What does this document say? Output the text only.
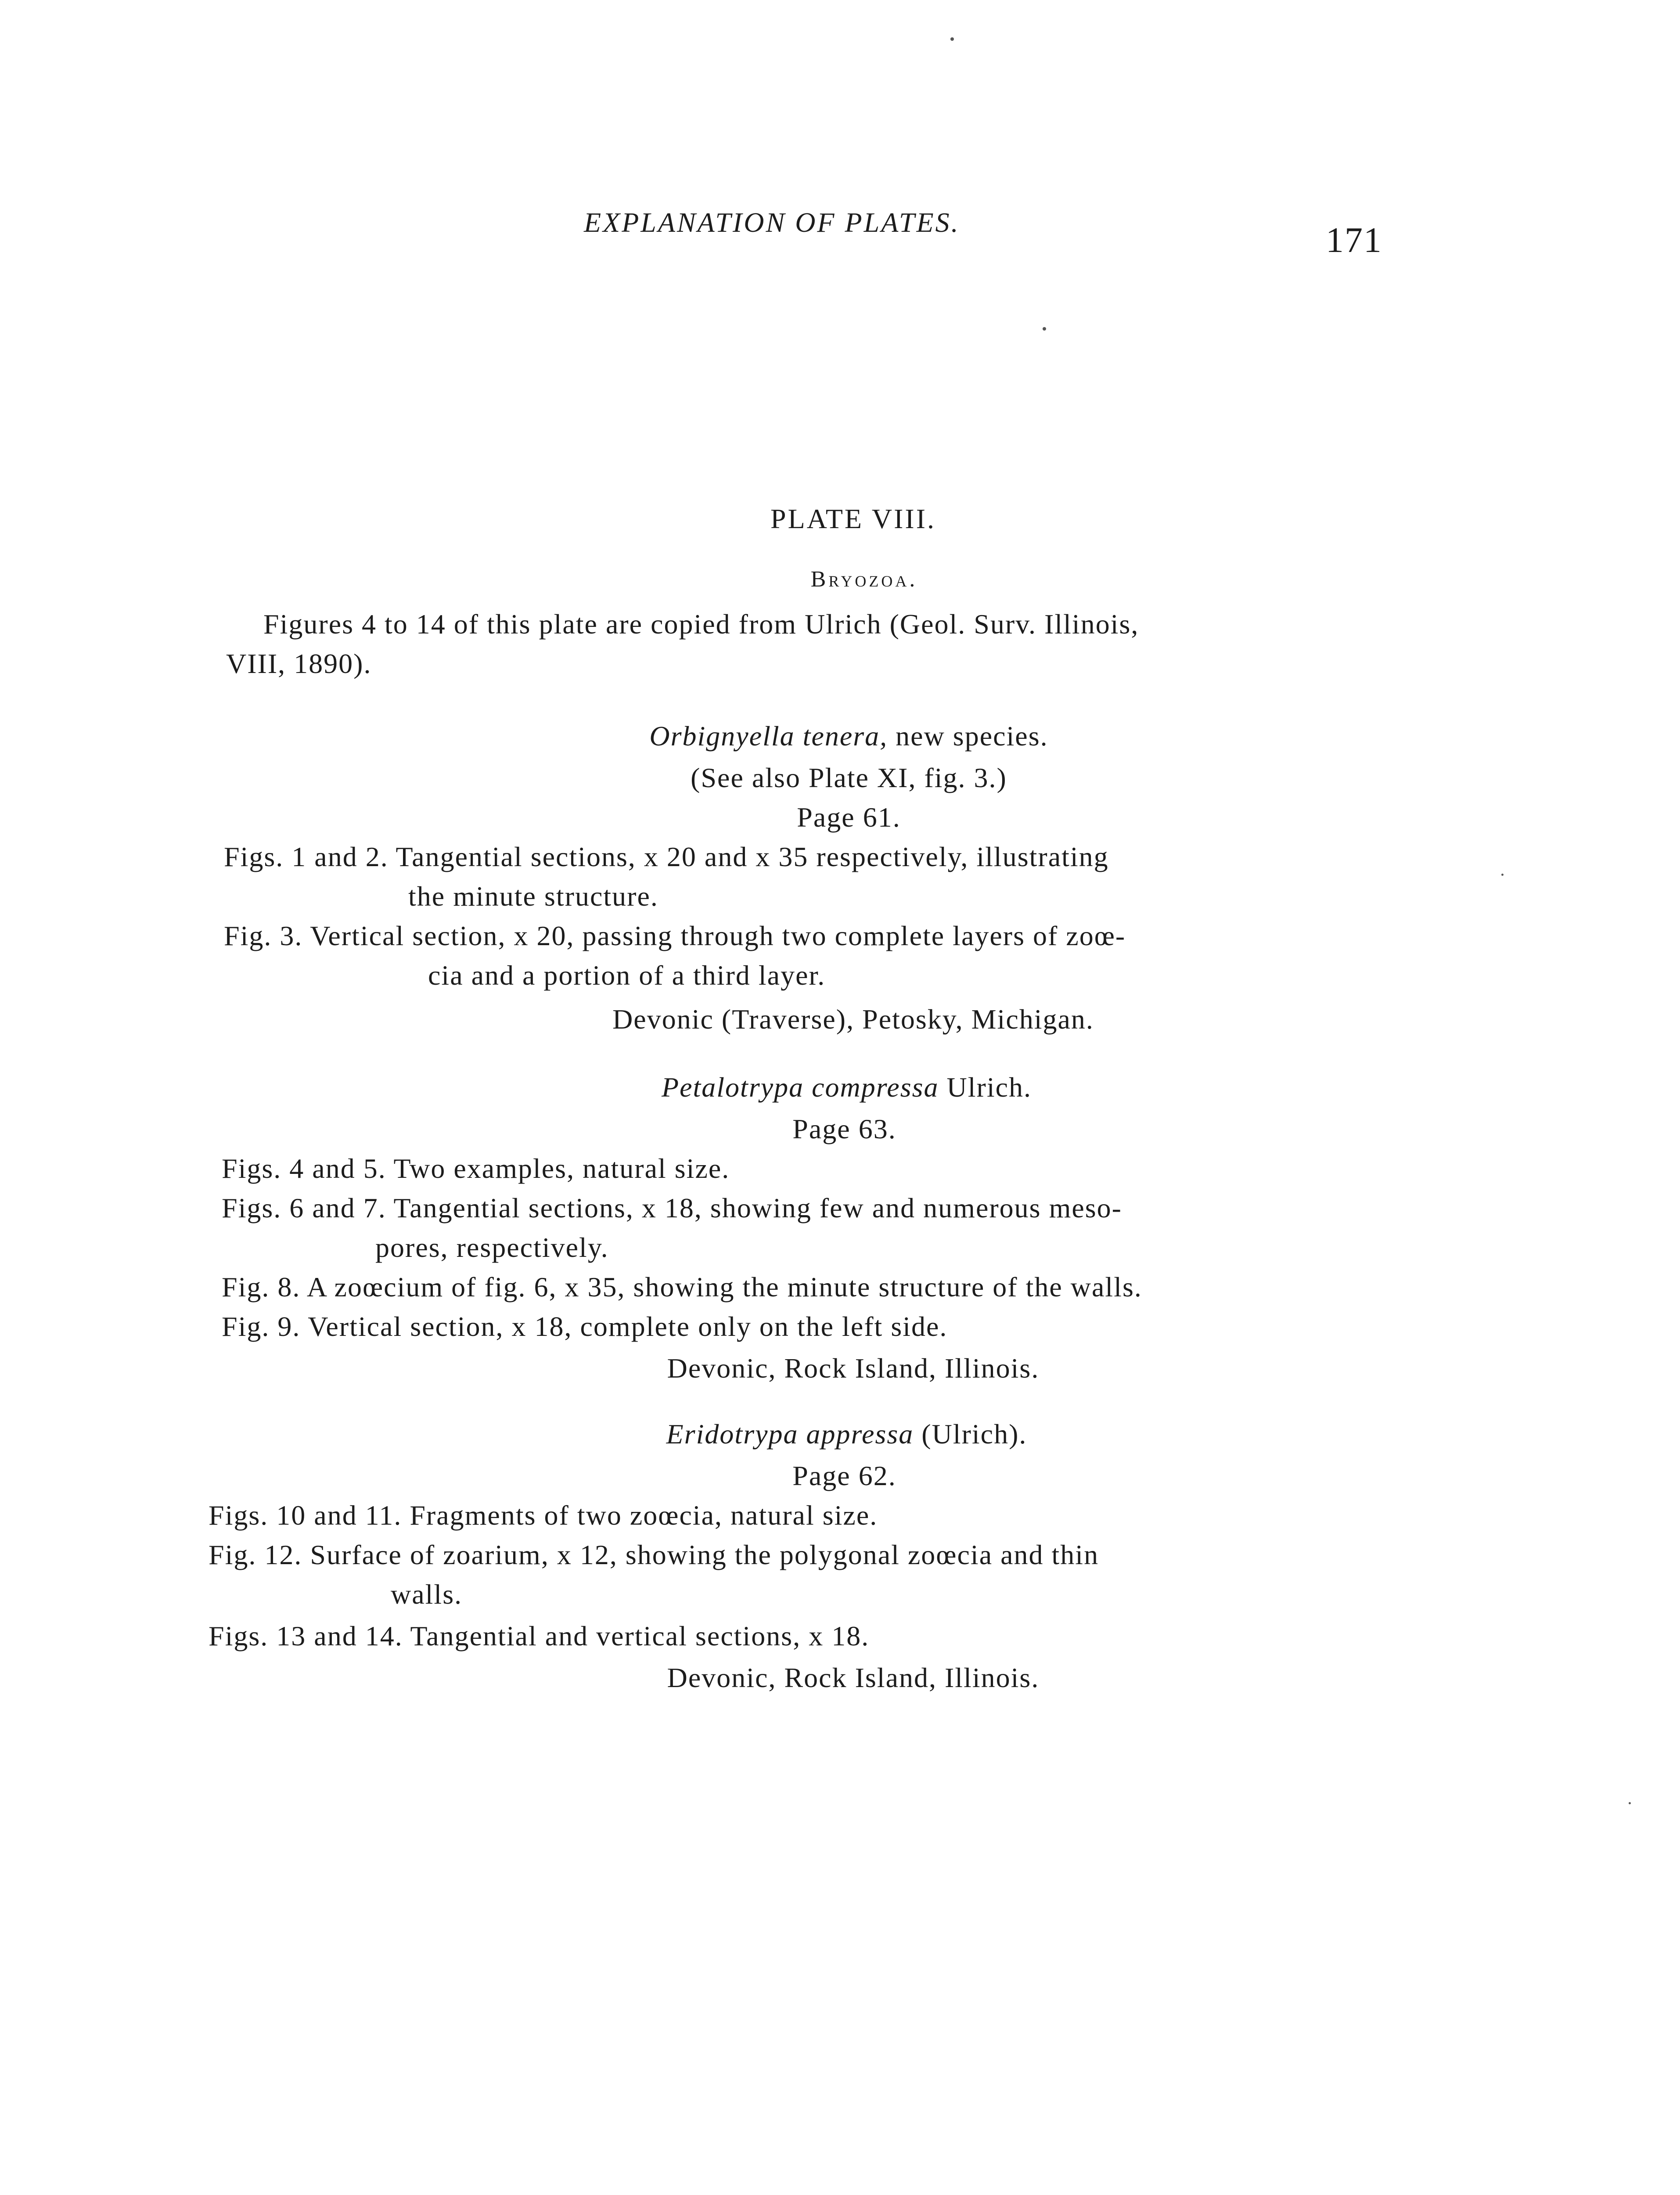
EXPLANATION OF PLATES.	171
PLATE VIII.
Bryozoa.
Figures 4 to 14 of this plate are copied from Ulrich (Geol. Surv. Illinois,
VIII, 1890).
Orbignyella tenera, new species.
(See also Plate XI, fig. 3.)
Page 61.
Figs. 1 and 2. Tangential sections, x 20 and x 35 respectively, illustrating
the minute structure.
Fig. 3. Vertical section, x 20, passing through two complete layers of zoœ-
cia and a portion of a third layer.
Devonic (Traverse), Petosky, Michigan.
Petalotrypa compressa Ulrich.
Page 63.
Figs. 4 and 5. Two examples, natural size.
Figs. 6 and 7. Tangential sections, x 18, showing few and numerous meso-
pores, respectively.
Fig. 8. A zoœcium of fig. 6, x 35, showing the minute structure of the walls.
Fig. 9. Vertical section, x 18, complete only on the left side.
Devonic, Rock Island, Illinois.
Eridotrypa appressa (Ulrich).
Page 62.
Figs. 10 and 11. Fragments of two zoœcia, natural size.
Fig. 12. Surface of zoarium, x 12, showing the polygonal zoœcia and thin
walls.
Figs. 13 and 14. Tangential and vertical sections, x 18.
Devonic, Rock Island, Illinois.
